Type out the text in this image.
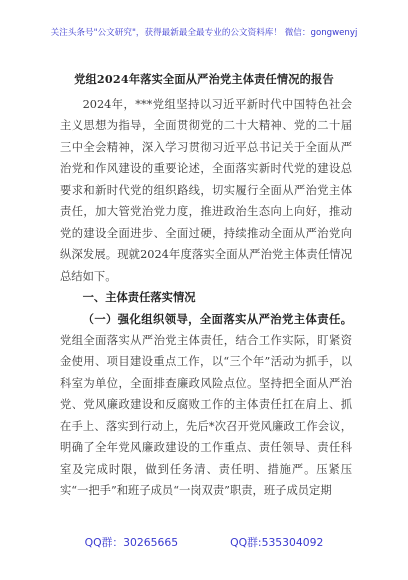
关注头条号"公文研究"，获得最新最全最专业的公文资料库！ 微信：gongwenyj
党组2024年落实全面从严治党主体责任情况的报告

2024年，***党组坚持以习近平新时代中国特色社会主义思想为指导，全面贯彻党的二十大精神、党的二十届三中全会精神，深入学习贯彻习近平总书记关于全面从严治党和作风建设的重要论述，全面落实新时代党的建设总要求和新时代党的组织路线，切实履行全面从严治党主体责任，加大管党治党力度，推进政治生态向上向好，推动党的建设全面进步、全面过硬，持续推动全面从严治党向纵深发展。现就2024年度落实全面从严治党主体责任情况总结如下。

一、主体责任落实情况

（一）强化组织领导，全面落实从严治党主体责任。党组全面落实从严治党主体责任，结合工作实际，盯紧资金使用、项目建设重点工作，以“三个年”活动为抓手，以科室为单位，全面排查廉政风险点位。坚持把全面从严治党、党风廉政建设和反腐败工作的主体责任扛在肩上、抓在手上、落实到行动上，先后*次召开党风廉政工作会议，明确了全年党风廉政建设的工作重点、责任领导、责任科室及完成时限，做到任务清、责任明、措施严。压紧压实“一把手”和班子成员“一岗双责”职责，班子成员定期

QQ群：30265665	QQ群:535304092
